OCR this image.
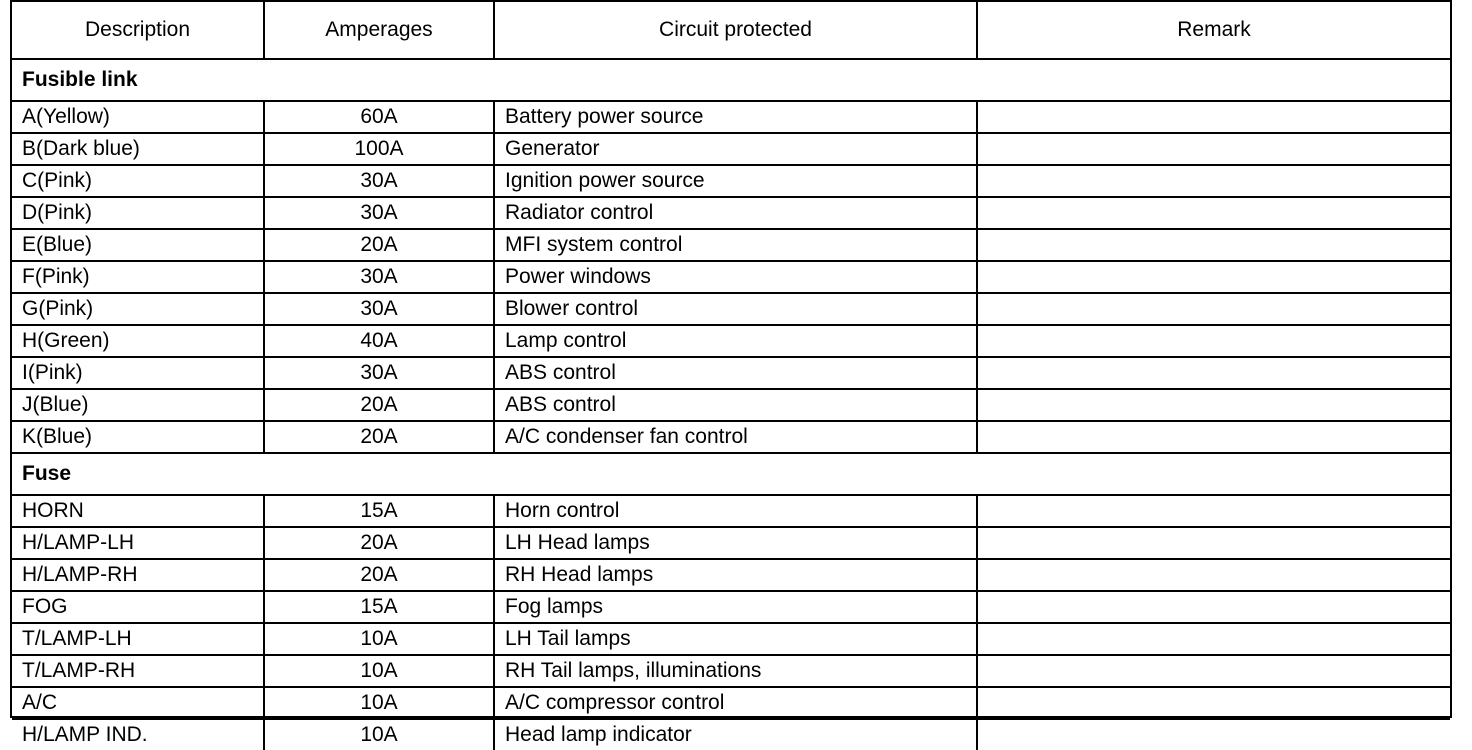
Description	Amperages	Circuit protected	Remark
Fusible link			
A(Yellow)	60A	Battery power source	
B(Dark blue)	100A	Generator	
C(Pink)	30A	Ignition power source	
D(Pink)	30A	Radiator control	
E(Blue)	20A	MFI system control	
F(Pink)	30A	Power windows	
G(Pink)	30A	Blower control	
H(Green)	40A	Lamp control	
I(Pink)	30A	ABS control	
J(Blue)	20A	ABS control	
K(Blue)	20A	A/C condenser fan control	
Fuse			
HORN	15A	Horn control	
H/LAMP-LH	20A	LH Head lamps	
H/LAMP-RH	20A	RH Head lamps	
FOG	15A	Fog lamps	
T/LAMP-LH	10A	LH Tail lamps	
T/LAMP-RH	10A	RH Tail lamps, illuminations	
A/C	10A	A/C compressor control	
H/LAMP IND.	10A	Head lamp indicator	
